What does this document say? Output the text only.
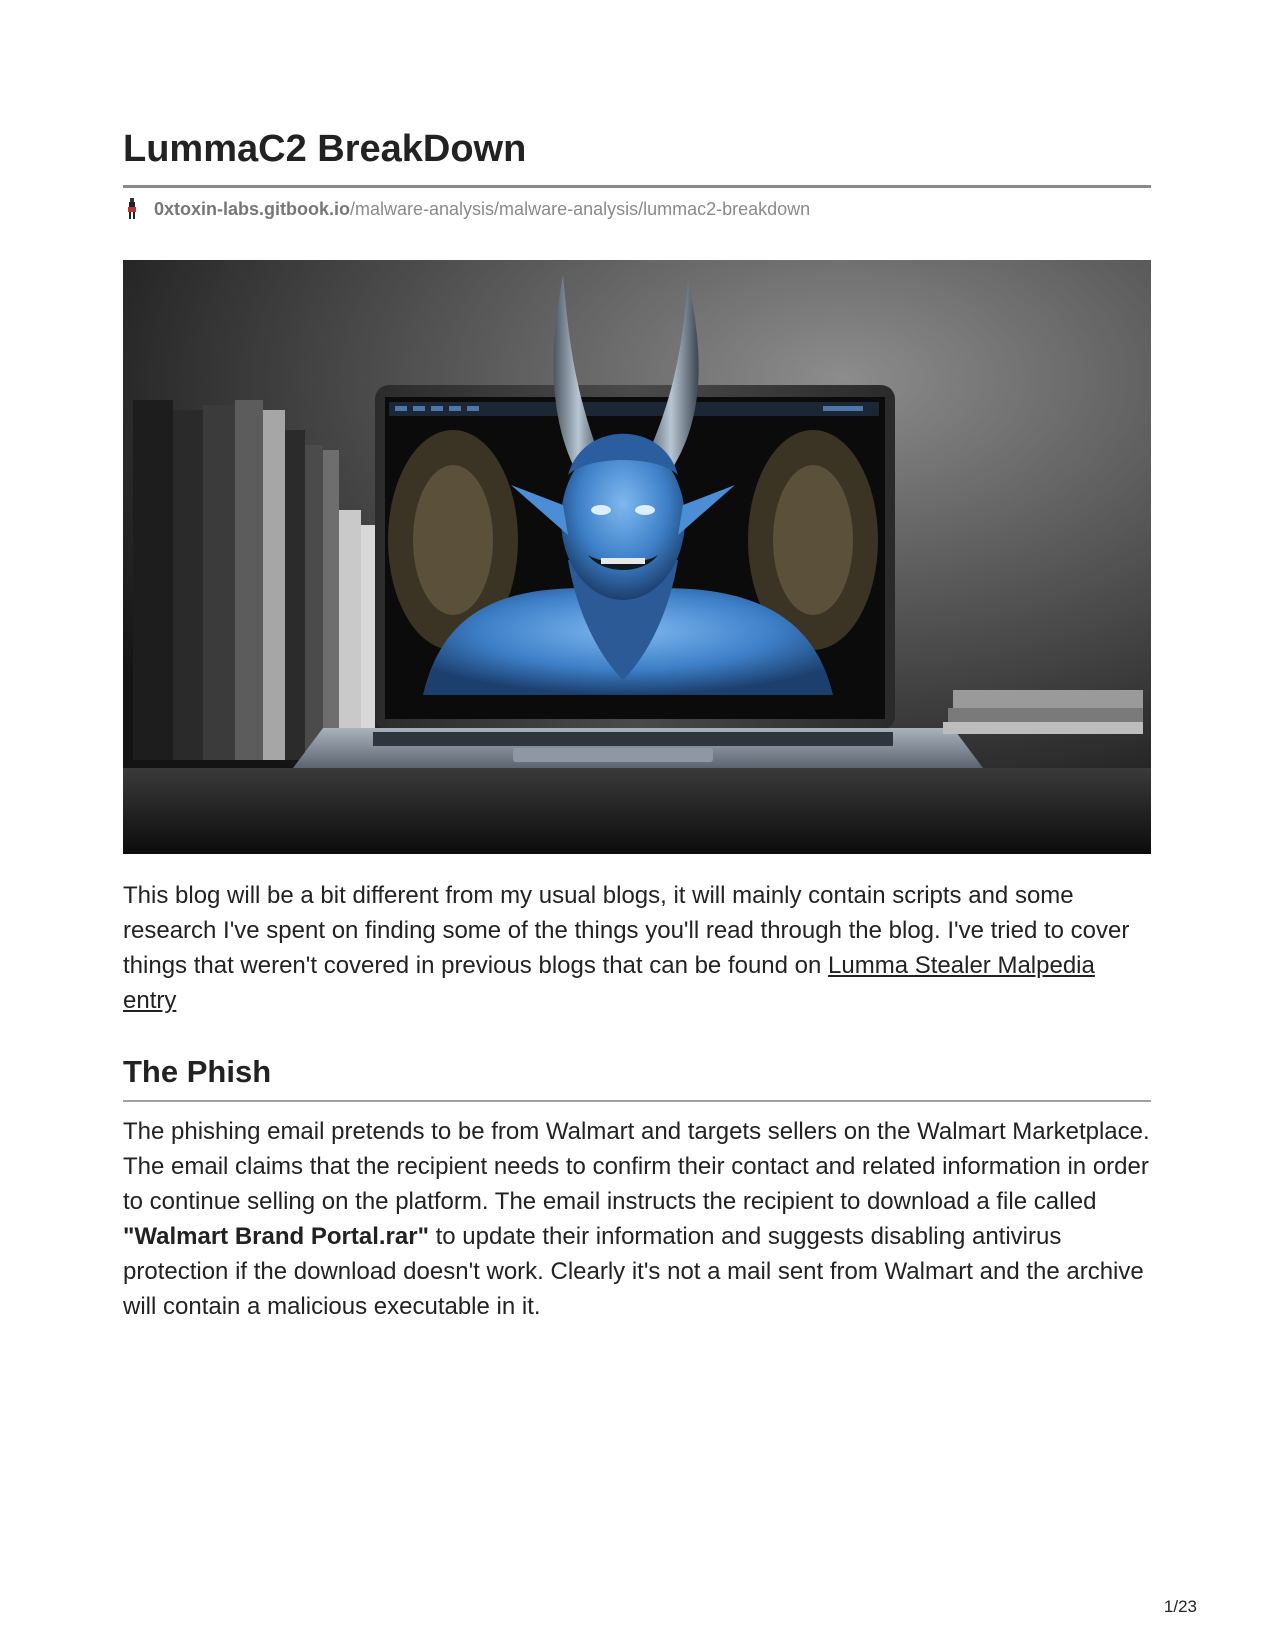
LummaC2 BreakDown
0xtoxin-labs.gitbook.io /malware-analysis/malware-analysis/lummac2-breakdown

This blog will be a bit different from my usual blogs, it will mainly contain scripts and some research I've spent on finding some of the things you'll read through the blog. I've tried to cover things that weren't covered in previous blogs that can be found on Lumma Stealer Malpedia entry

The Phish

The phishing email pretends to be from Walmart and targets sellers on the Walmart Marketplace. The email claims that the recipient needs to confirm their contact and related information in order to continue selling on the platform. The email instructs the recipient to download a file called "Walmart Brand Portal.rar" to update their information and suggests disabling antivirus protection if the download doesn't work. Clearly it's not a mail sent from Walmart and the archive will contain a malicious executable in it.

1/23
